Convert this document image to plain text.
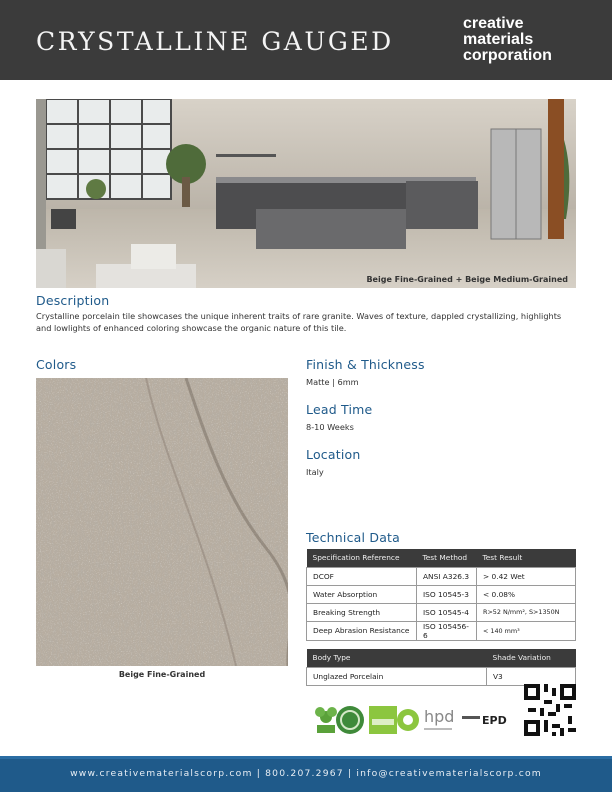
CRYSTALLINE GAUGED
creative
materials
corporation
Beige Fine-Grained + Beige Medium-Grained
Description
Crystalline porcelain tile showcases the unique inherent traits of rare granite. Waves of texture, dappled crystallizing, highlights and lowlights of enhanced coloring showcase the organic nature of this tile.
Colors
Beige Fine-Grained
Finish & Thickness
Matte | 6mm
Lead Time
8-10 Weeks
Location
Italy
Technical Data
Specification Reference	Test Method	Test Result
DCOF	ANSI A326.3	> 0.42 Wet
Water Absorption	ISO 10545-3	< 0.08%
Breaking Strength	ISO 10545-4	R>52 N/mm², S>1350N
Deep Abrasion Resistance	ISO 105456-6	< 140 mm³
Body Type	Shade Variation
Unglazed Porcelain	V3
hpd	EPD
www.creativematerialscorp.com | 800.207.2967 | info@creativematerialscorp.com
